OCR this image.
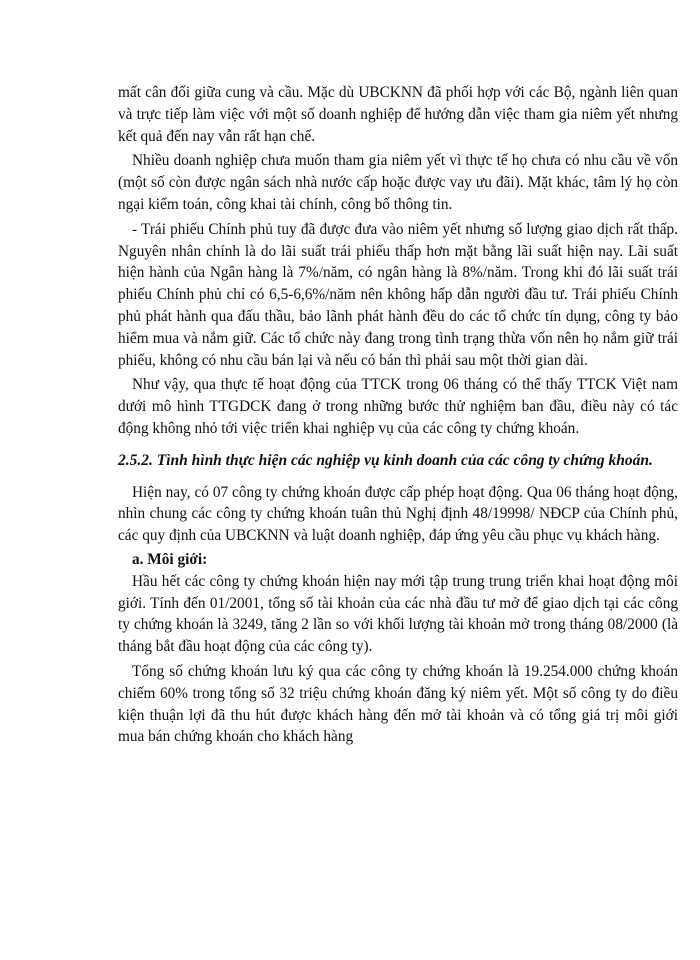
mất cân đối giữa cung và cầu. Mặc dù UBCKNN đã phối hợp với các Bộ, ngành liên quan và trực tiếp làm việc với một số doanh nghiệp để hướng dẫn việc tham gia niêm yết nhưng kết quả đến nay vẫn rất hạn chế.

Nhiều doanh nghiệp chưa muốn tham gia niêm yết vì thực tế họ chưa có nhu cầu về vốn (một số còn được ngân sách nhà nước cấp hoặc được vay ưu đãi). Mặt khác, tâm lý họ còn ngại kiểm toán, công khai tài chính, công bố thông tin.

- Trái phiếu Chính phủ tuy đã được đưa vào niêm yết nhưng số lượng giao dịch rất thấp. Nguyên nhân chính là do lãi suất trái phiếu thấp hơn mặt bằng lãi suất hiện nay. Lãi suất hiện hành của Ngân hàng là 7%/năm, có ngân hàng là 8%/năm. Trong khi đó lãi suất trái phiếu Chính phủ chỉ có 6,5-6,6%/năm nên không hấp dẫn người đầu tư. Trái phiếu Chính phủ phát hành qua đấu thầu, bảo lãnh phát hành đều do các tổ chức tín dụng, công ty bảo hiểm mua và nắm giữ. Các tổ chức này đang trong tình trạng thừa vốn nên họ nắm giữ trái phiếu, không có nhu cầu bán lại và nếu có bán thì phải sau một thời gian dài.

Như vậy, qua thực tế hoạt động của TTCK trong 06 tháng có thể thấy TTCK Việt nam dưới mô hình TTGDCK đang ở trong những bước thử nghiệm ban đầu, điều này có tác động không nhỏ tới việc triển khai nghiệp vụ của các công ty chứng khoán.

2.5.2. Tình hình thực hiện các nghiệp vụ kinh doanh của các công ty chứng khoán.

Hiện nay, có 07 công ty chứng khoán được cấp phép hoạt động. Qua 06 tháng hoạt động, nhìn chung các công ty chứng khoán tuân thủ Nghị định 48/19998/ NĐCP của Chính phủ, các quy định của UBCKNN và luật doanh nghiệp, đáp ứng yêu cầu phục vụ khách hàng.

a. Môi giới:

Hầu hết các công ty chứng khoán hiện nay mới tập trung trung triển khai hoạt động môi giới. Tính đến 01/2001, tổng số tài khoản của các nhà đầu tư mở để giao dịch tại các công ty chứng khoán là 3249, tăng 2 lần so với khối lượng tài khoản mở trong tháng 08/2000 (là tháng bắt đầu hoạt động của các công ty).

Tổng số chứng khoán lưu ký qua các công ty chứng khoán là 19.254.000 chứng khoán chiếm 60% trong tổng số 32 triệu chứng khoán đăng ký niêm yết. Một số công ty do điều kiện thuận lợi đã thu hút được khách hàng đến mở tài khoản và có tổng giá trị môi giới mua bán chứng khoán cho khách hàng
